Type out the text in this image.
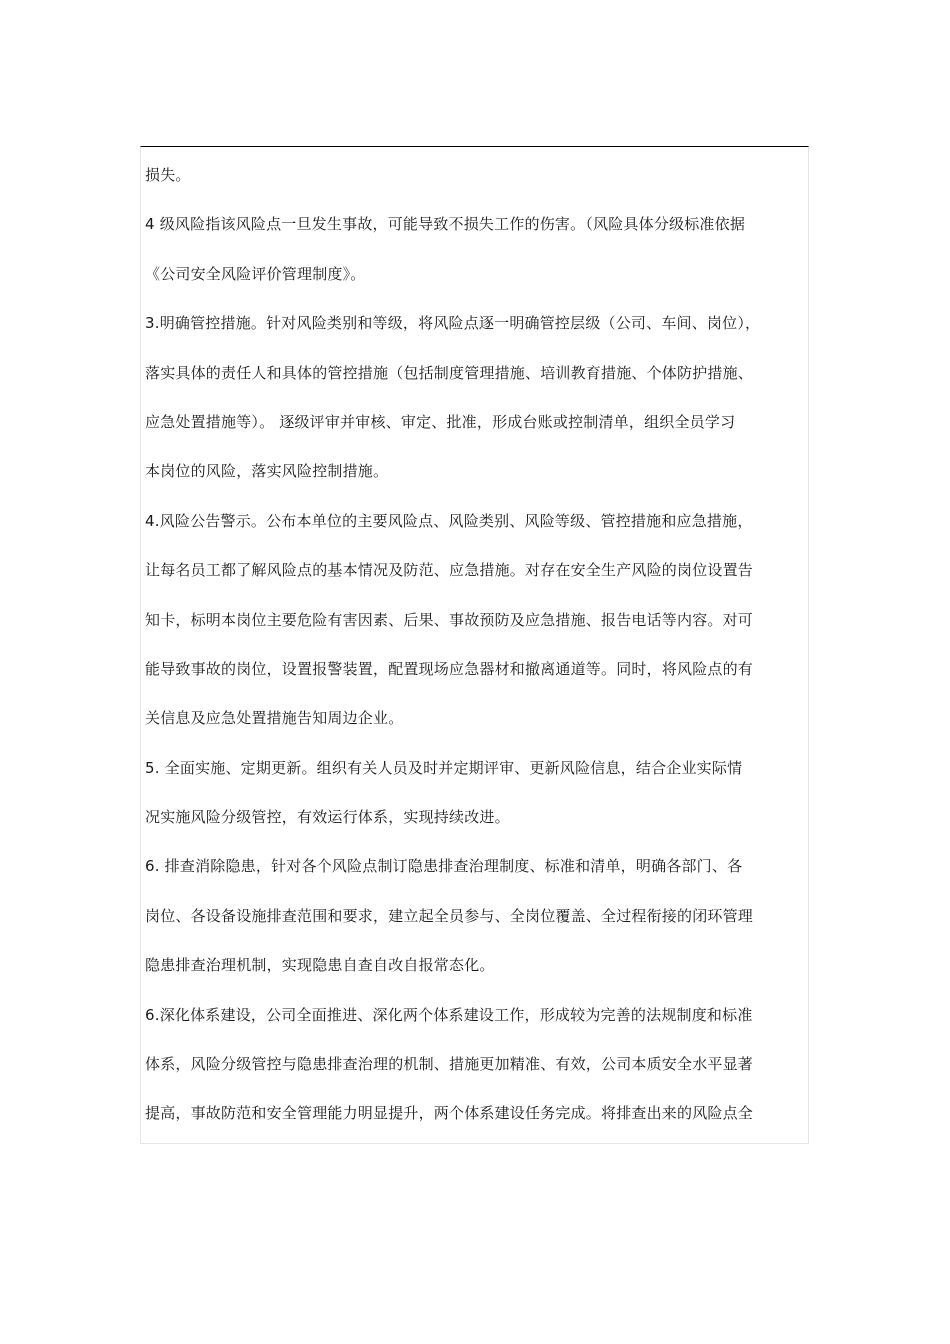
损失。
4 级风险指该风险点一旦发生事故，可能导致不损失工作的伤害。（风险具体分级标准依据
《公司安全风险评价管理制度》。
3.明确管控措施。针对风险类别和等级，将风险点逐一明确管控层级（公司、车间、岗位），
落实具体的责任人和具体的管控措施（包括制度管理措施、培训教育措施、个体防护措施、
应急处置措施等）。 逐级评审并审核、审定、批准，形成台账或控制清单，组织全员学习
本岗位的风险，落实风险控制措施。
4.风险公告警示。公布本单位的主要风险点、风险类别、风险等级、管控措施和应急措施，
让每名员工都了解风险点的基本情况及防范、应急措施。对存在安全生产风险的岗位设置告
知卡，标明本岗位主要危险有害因素、后果、事故预防及应急措施、报告电话等内容。对可
能导致事故的岗位，设置报警装置，配置现场应急器材和撤离通道等。同时，将风险点的有
关信息及应急处置措施告知周边企业。
5. 全面实施、定期更新。组织有关人员及时并定期评审、更新风险信息，结合企业实际情
况实施风险分级管控，有效运行体系，实现持续改进。
6. 排查消除隐患，针对各个风险点制订隐患排查治理制度、标准和清单，明确各部门、各
岗位、各设备设施排查范围和要求，建立起全员参与、全岗位覆盖、全过程衔接的闭环管理
隐患排查治理机制，实现隐患自查自改自报常态化。
6.深化体系建设，公司全面推进、深化两个体系建设工作，形成较为完善的法规制度和标准
体系，风险分级管控与隐患排查治理的机制、措施更加精准、有效，公司本质安全水平显著
提高，事故防范和安全管理能力明显提升，两个体系建设任务完成。将排查出来的风险点全
